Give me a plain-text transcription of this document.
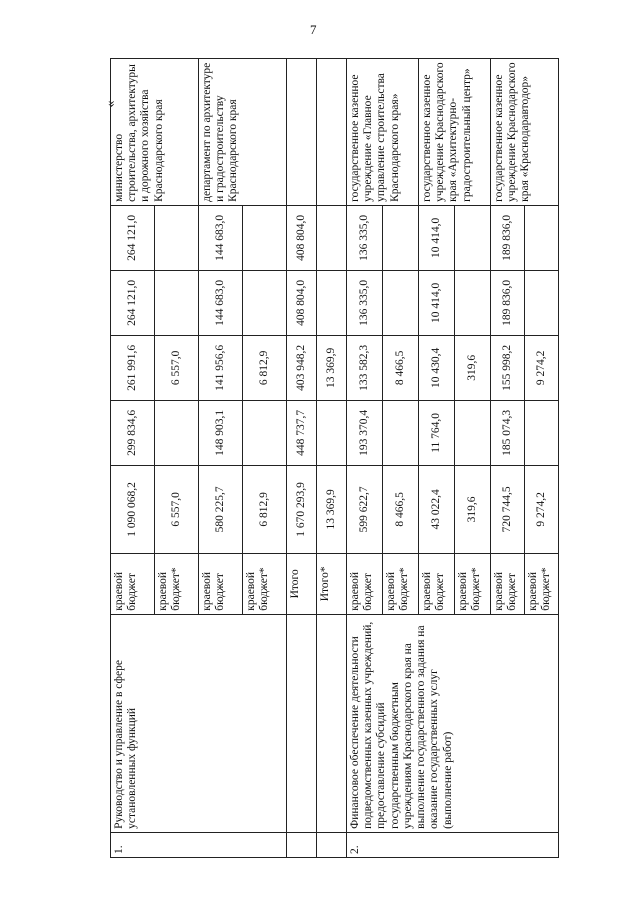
7
«
1.	Руководство и управление в сфере установленных функций	краевой бюджет	1 090 068,2	299 834,6	261 991,6	264 121,0	264 121,0	министерство строительства, архитектуры и дорожного хозяйства Краснодарского края
		краевой бюджет*	6 557,0		6 557,0			
		краевой бюджет	580 225,7	148 903,1	141 956,6	144 683,0	144 683,0	департамент по архитектуре и градостроительству Краснодарского края
		краевой бюджет*	6 812,9		6 812,9			
		Итого	1 670 293,9	448 737,7	403 948,2	408 804,0	408 804,0	
		Итого*	13 369,9		13 369,9			
2.	Финансовое обеспечение деятельности подведомственных казенных учреждений, предоставление субсидий государственным бюджетным учреждениям Краснодарского края на выполнение государственного задания на оказание государственных услуг (выполнение работ)	краевой бюджет	599 622,7	193 370,4	133 582,3	136 335,0	136 335,0	государственное казенное учреждение «Главное управление строительства Краснодарского края»
		краевой бюджет*	8 466,5		8 466,5			
		краевой бюджет	43 022,4	11 764,0	10 430,4	10 414,0	10 414,0	государственное казенное учреждение Краснодарского края «Архитектурно-градостроительный центр»
		краевой бюджет*	319,6		319,6			
		краевой бюджет	720 744,5	185 074,3	155 998,2	189 836,0	189 836,0	государственное казенное учреждение Краснодарского края «Краснодаравтодор»
		краевой бюджет*	9 274,2		9 274,2			
